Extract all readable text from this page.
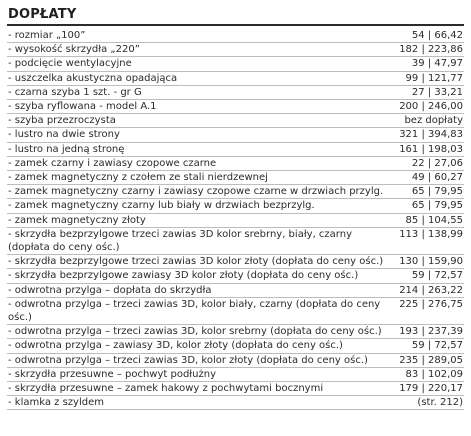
DOPŁATY
- rozmiar „100”	54 | 66,42
- wysokość skrzydła „220”	182 | 223,86
- podcięcie wentylacyjne	39 | 47,97
- uszczelka akustyczna opadająca	99 | 121,77
- czarna szyba 1 szt. - gr G	27 | 33,21
- szyba ryflowana - model A.1	200 | 246,00
- szyba przezroczysta	bez dopłaty
- lustro na dwie strony	321 | 394,83
- lustro na jedną stronę	161 | 198,03
- zamek czarny i zawiasy czopowe czarne	22 | 27,06
- zamek magnetyczny z czołem ze stali nierdzewnej	49 | 60,27
- zamek magnetyczny czarny i zawiasy czopowe czarne w drzwiach przylg.	65 | 79,95
- zamek magnetyczny czarny lub biały w drzwiach bezprzylg.	65 | 79,95
- zamek magnetyczny złoty	85 | 104,55
- skrzydła bezprzylgowe trzeci zawias 3D kolor srebrny, biały, czarny (dopłata do ceny ośc.)
113 | 138,99
- skrzydła bezprzylgowe trzeci zawias 3D kolor złoty (dopłata do ceny ośc.)	130 | 159,90
- skrzydła bezprzylgowe zawiasy 3D kolor złoty (dopłata do ceny ośc.)	59 | 72,57
- odwrotna przylga – dopłata do skrzydła	214 | 263,22
- odwrotna przylga – trzeci zawias 3D, kolor biały, czarny (dopłata do ceny ośc.)
225 | 276,75
- odwrotna przylga – trzeci zawias 3D, kolor srebrny (dopłata do ceny ośc.)	193 | 237,39
- odwrotna przylga – zawiasy 3D, kolor złoty (dopłata do ceny ośc.)	59 | 72,57
- odwrotna przylga – trzeci zawias 3D, kolor złoty (dopłata do ceny ośc.)	235 | 289,05
- skrzydła przesuwne – pochwyt podłużny	83 | 102,09
- skrzydła przesuwne – zamek hakowy z pochwytami bocznymi	179 | 220,17
- klamka z szyldem	(str. 212)
